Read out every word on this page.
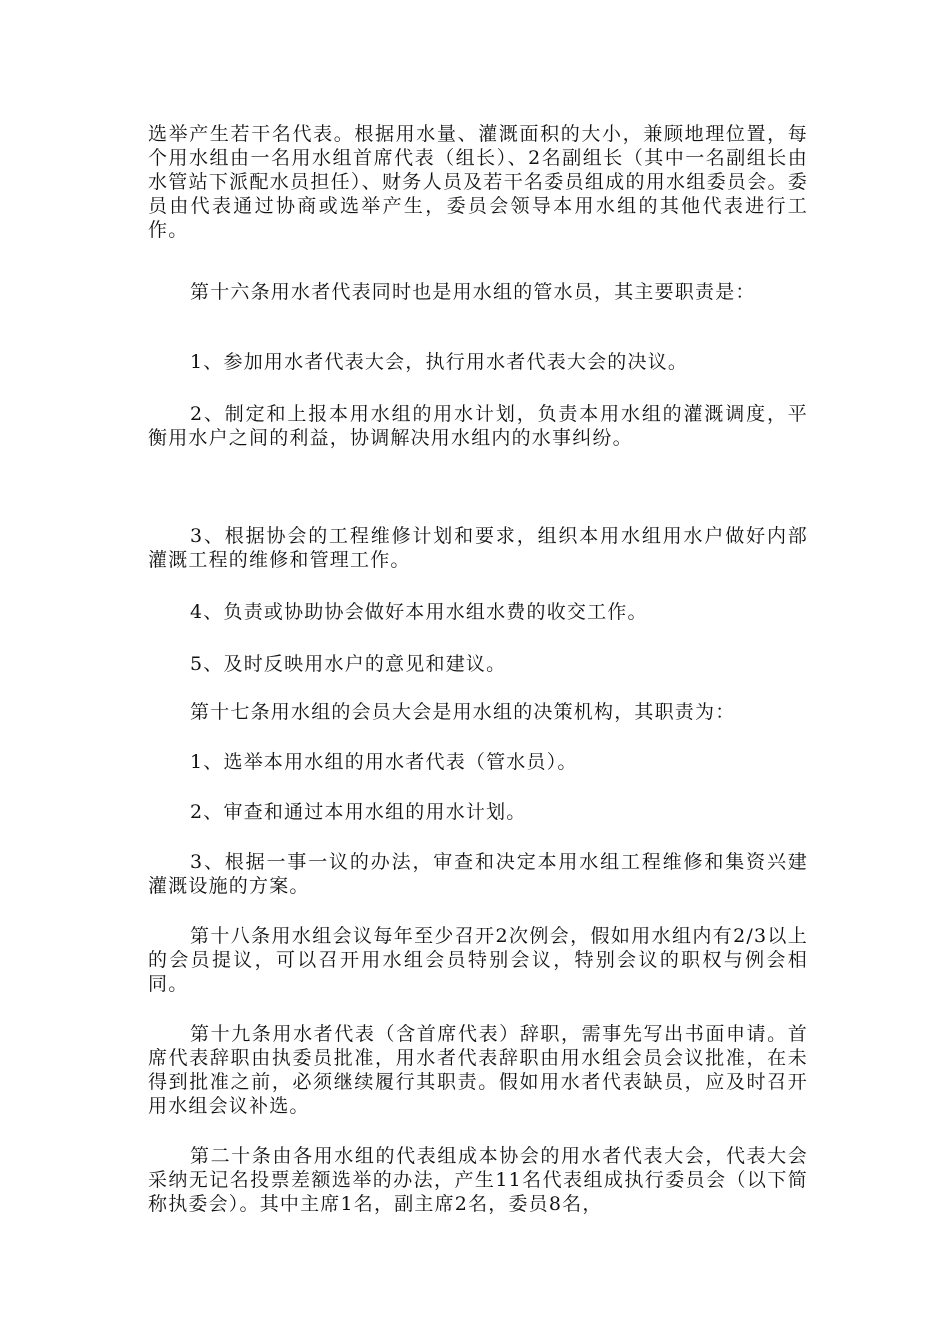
选举产生若干名代表。根据用水量、灌溉面积的大小，兼顾地理位置，每个用水组由一名用水组首席代表（组长）、2名副组长（其中一名副组长由水管站下派配水员担任）、财务人员及若干名委员组成的用水组委员会。委员由代表通过协商或选举产生，委员会领导本用水组的其他代表进行工作。

第十六条用水者代表同时也是用水组的管水员，其主要职责是：

1、参加用水者代表大会，执行用水者代表大会的决议。

2、制定和上报本用水组的用水计划，负责本用水组的灌溉调度，平衡用水户之间的利益，协调解决用水组内的水事纠纷。

3、根据协会的工程维修计划和要求，组织本用水组用水户做好内部灌溉工程的维修和管理工作。

4、负责或协助协会做好本用水组水费的收交工作。

5、及时反映用水户的意见和建议。

第十七条用水组的会员大会是用水组的决策机构，其职责为：

1、选举本用水组的用水者代表（管水员）。

2、审查和通过本用水组的用水计划。

3、根据一事一议的办法，审查和决定本用水组工程维修和集资兴建灌溉设施的方案。

第十八条用水组会议每年至少召开2次例会，假如用水组内有2/3以上的会员提议，可以召开用水组会员特别会议，特别会议的职权与例会相同。

第十九条用水者代表（含首席代表）辞职，需事先写出书面申请。首席代表辞职由执委员批准，用水者代表辞职由用水组会员会议批准，在未得到批准之前，必须继续履行其职责。假如用水者代表缺员，应及时召开用水组会议补选。

第二十条由各用水组的代表组成本协会的用水者代表大会，代表大会采纳无记名投票差额选举的办法，产生11名代表组成执行委员会（以下简称执委会）。其中主席1名，副主席2名，委员8名，
